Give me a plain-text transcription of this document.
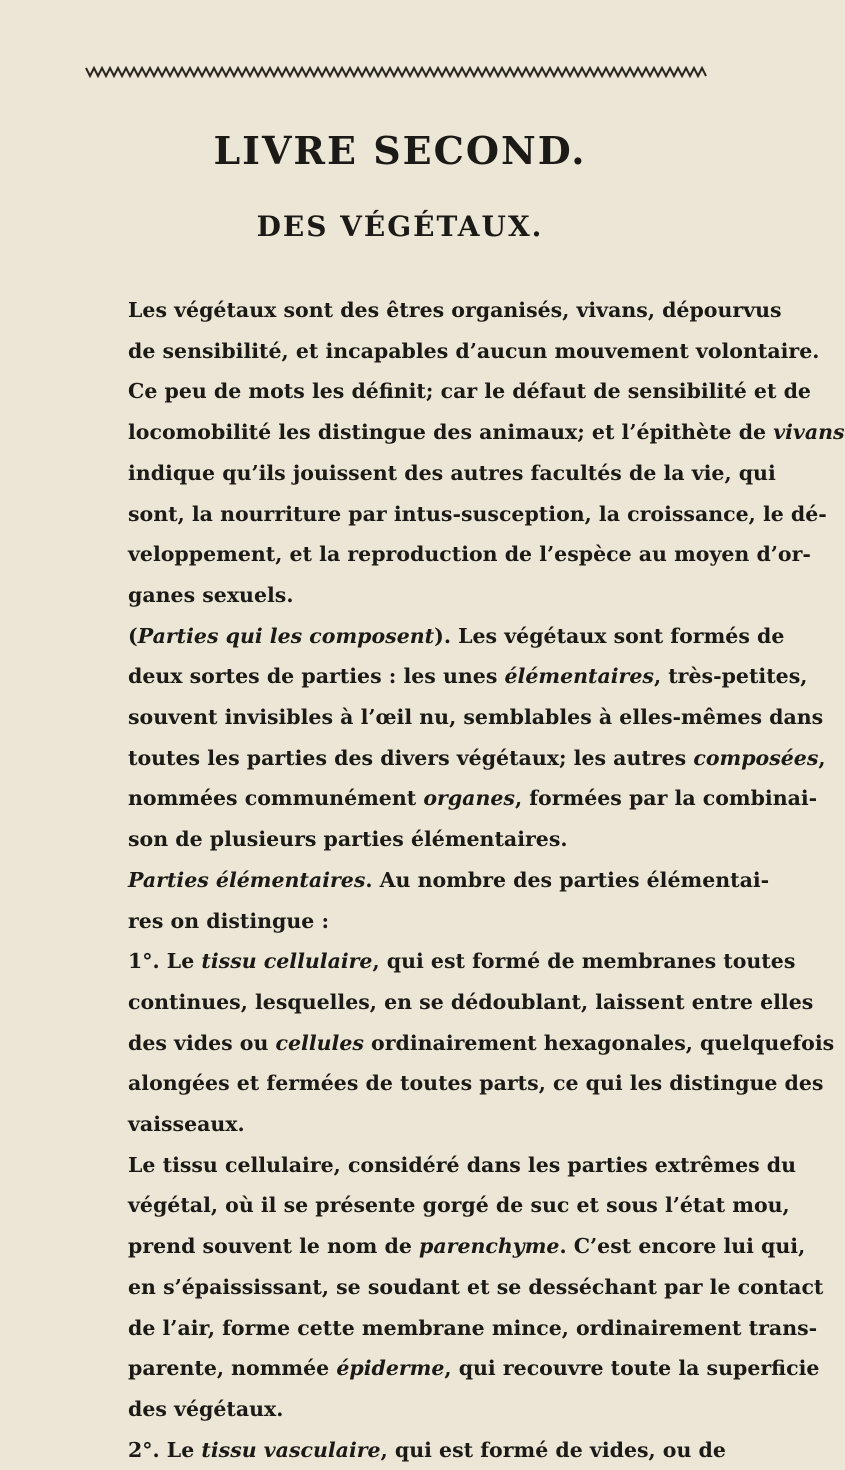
LIVRE SECOND.
DES VÉGÉTAUX.

Les végétaux sont des êtres organisés, vivans, dépourvus
de sensibilité, et incapables d’aucun mouvement volontaire.
Ce peu de mots les définit; car le défaut de sensibilité et de
locomobilité les distingue des animaux; et l’épithète de vivans
indique qu’ils jouissent des autres facultés de la vie, qui
sont, la nourriture par intus-susception, la croissance, le dé-
veloppement, et la reproduction de l’espèce au moyen d’or-
ganes sexuels.

(Parties qui les composent). Les végétaux sont formés de
deux sortes de parties : les unes élémentaires, très-petites,
souvent invisibles à l’œil nu, semblables à elles-mêmes dans
toutes les parties des divers végétaux; les autres composées,
nommées communément organes, formées par la combinai-
son de plusieurs parties élémentaires.

Parties élémentaires. Au nombre des parties élémentai-
res on distingue :

1°. Le tissu cellulaire, qui est formé de membranes toutes
continues, lesquelles, en se dédoublant, laissent entre elles
des vides ou cellules ordinairement hexagonales, quelquefois
alongées et fermées de toutes parts, ce qui les distingue des
vaisseaux.

Le tissu cellulaire, considéré dans les parties extrêmes du
végétal, où il se présente gorgé de suc et sous l’état mou,
prend souvent le nom de parenchyme. C’est encore lui qui,
en s’épaississant, se soudant et se desséchant par le contact
de l’air, forme cette membrane mince, ordinairement trans-
parente, nommée épiderme, qui recouvre toute la superficie
des végétaux.

2°. Le tissu vasculaire, qui est formé de vides, ou de
